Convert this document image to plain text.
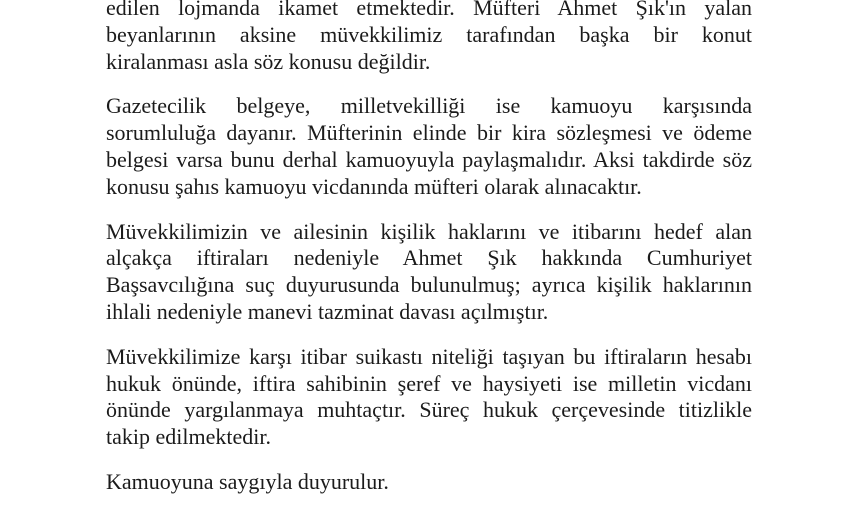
edilen lojmanda ikamet etmektedir. Müfteri Ahmet Şık'ın yalan
beyanlarının aksine müvekkilimiz tarafından başka bir konut
kiralanması asla söz konusu değildir.
Gazetecilik belgeye, milletvekilliği ise kamuoyu karşısında
sorumluluğa dayanır. Müfterinin elinde bir kira sözleşmesi ve ödeme
belgesi varsa bunu derhal kamuoyuyla paylaşmalıdır. Aksi takdirde söz
konusu şahıs kamuoyu vicdanında müfteri olarak alınacaktır.
Müvekkilimizin ve ailesinin kişilik haklarını ve itibarını hedef alan
alçakça iftiraları nedeniyle Ahmet Şık hakkında Cumhuriyet
Başsavcılığına suç duyurusunda bulunulmuş; ayrıca kişilik haklarının
ihlali nedeniyle manevi tazminat davası açılmıştır.
Müvekkilimize karşı itibar suikastı niteliği taşıyan bu iftiraların hesabı
hukuk önünde, iftira sahibinin şeref ve haysiyeti ise milletin vicdanı
önünde yargılanmaya muhtaçtır. Süreç hukuk çerçevesinde titizlikle
takip edilmektedir.
Kamuoyuna saygıyla duyurulur.
